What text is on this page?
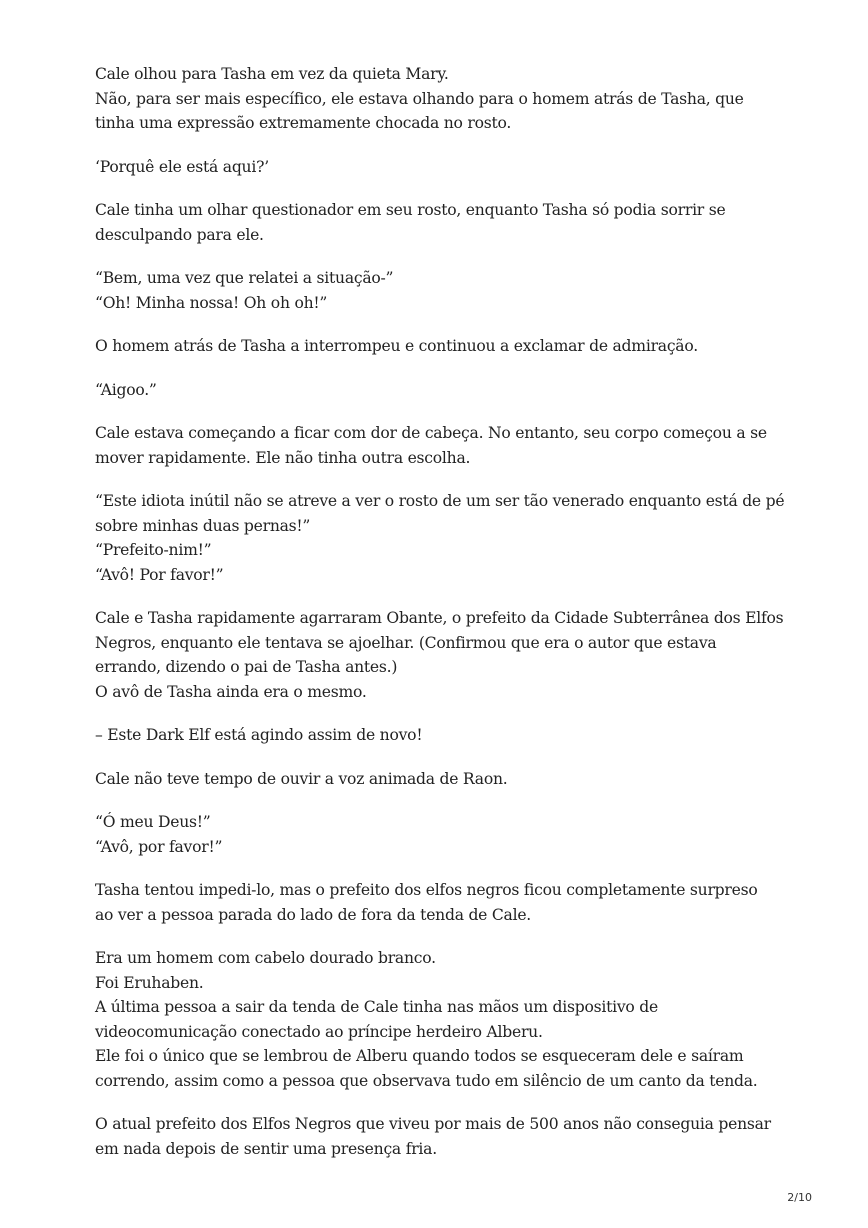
Cale olhou para Tasha em vez da quieta Mary.
Não, para ser mais específico, ele estava olhando para o homem atrás de Tasha, que
tinha uma expressão extremamente chocada no rosto.

‘Porquê ele está aqui?’

Cale tinha um olhar questionador em seu rosto, enquanto Tasha só podia sorrir se
desculpando para ele.

“Bem, uma vez que relatei a situação-”
“Oh! Minha nossa! Oh oh oh!”

O homem atrás de Tasha a interrompeu e continuou a exclamar de admiração.

“Aigoo.”

Cale estava começando a ficar com dor de cabeça. No entanto, seu corpo começou a se
mover rapidamente. Ele não tinha outra escolha.

“Este idiota inútil não se atreve a ver o rosto de um ser tão venerado enquanto está de pé
sobre minhas duas pernas!”
“Prefeito-nim!”
“Avô! Por favor!”

Cale e Tasha rapidamente agarraram Obante, o prefeito da Cidade Subterrânea dos Elfos
Negros, enquanto ele tentava se ajoelhar. (Confirmou que era o autor que estava
errando, dizendo o pai de Tasha antes.)
O avô de Tasha ainda era o mesmo.

– Este Dark Elf está agindo assim de novo!

Cale não teve tempo de ouvir a voz animada de Raon.

“Ó meu Deus!”
“Avô, por favor!”

Tasha tentou impedi-lo, mas o prefeito dos elfos negros ficou completamente surpreso
ao ver a pessoa parada do lado de fora da tenda de Cale.

Era um homem com cabelo dourado branco.
Foi Eruhaben.
A última pessoa a sair da tenda de Cale tinha nas mãos um dispositivo de
videocomunicação conectado ao príncipe herdeiro Alberu.
Ele foi o único que se lembrou de Alberu quando todos se esqueceram dele e saíram
correndo, assim como a pessoa que observava tudo em silêncio de um canto da tenda.

O atual prefeito dos Elfos Negros que viveu por mais de 500 anos não conseguia pensar
em nada depois de sentir uma presença fria.

2/10
